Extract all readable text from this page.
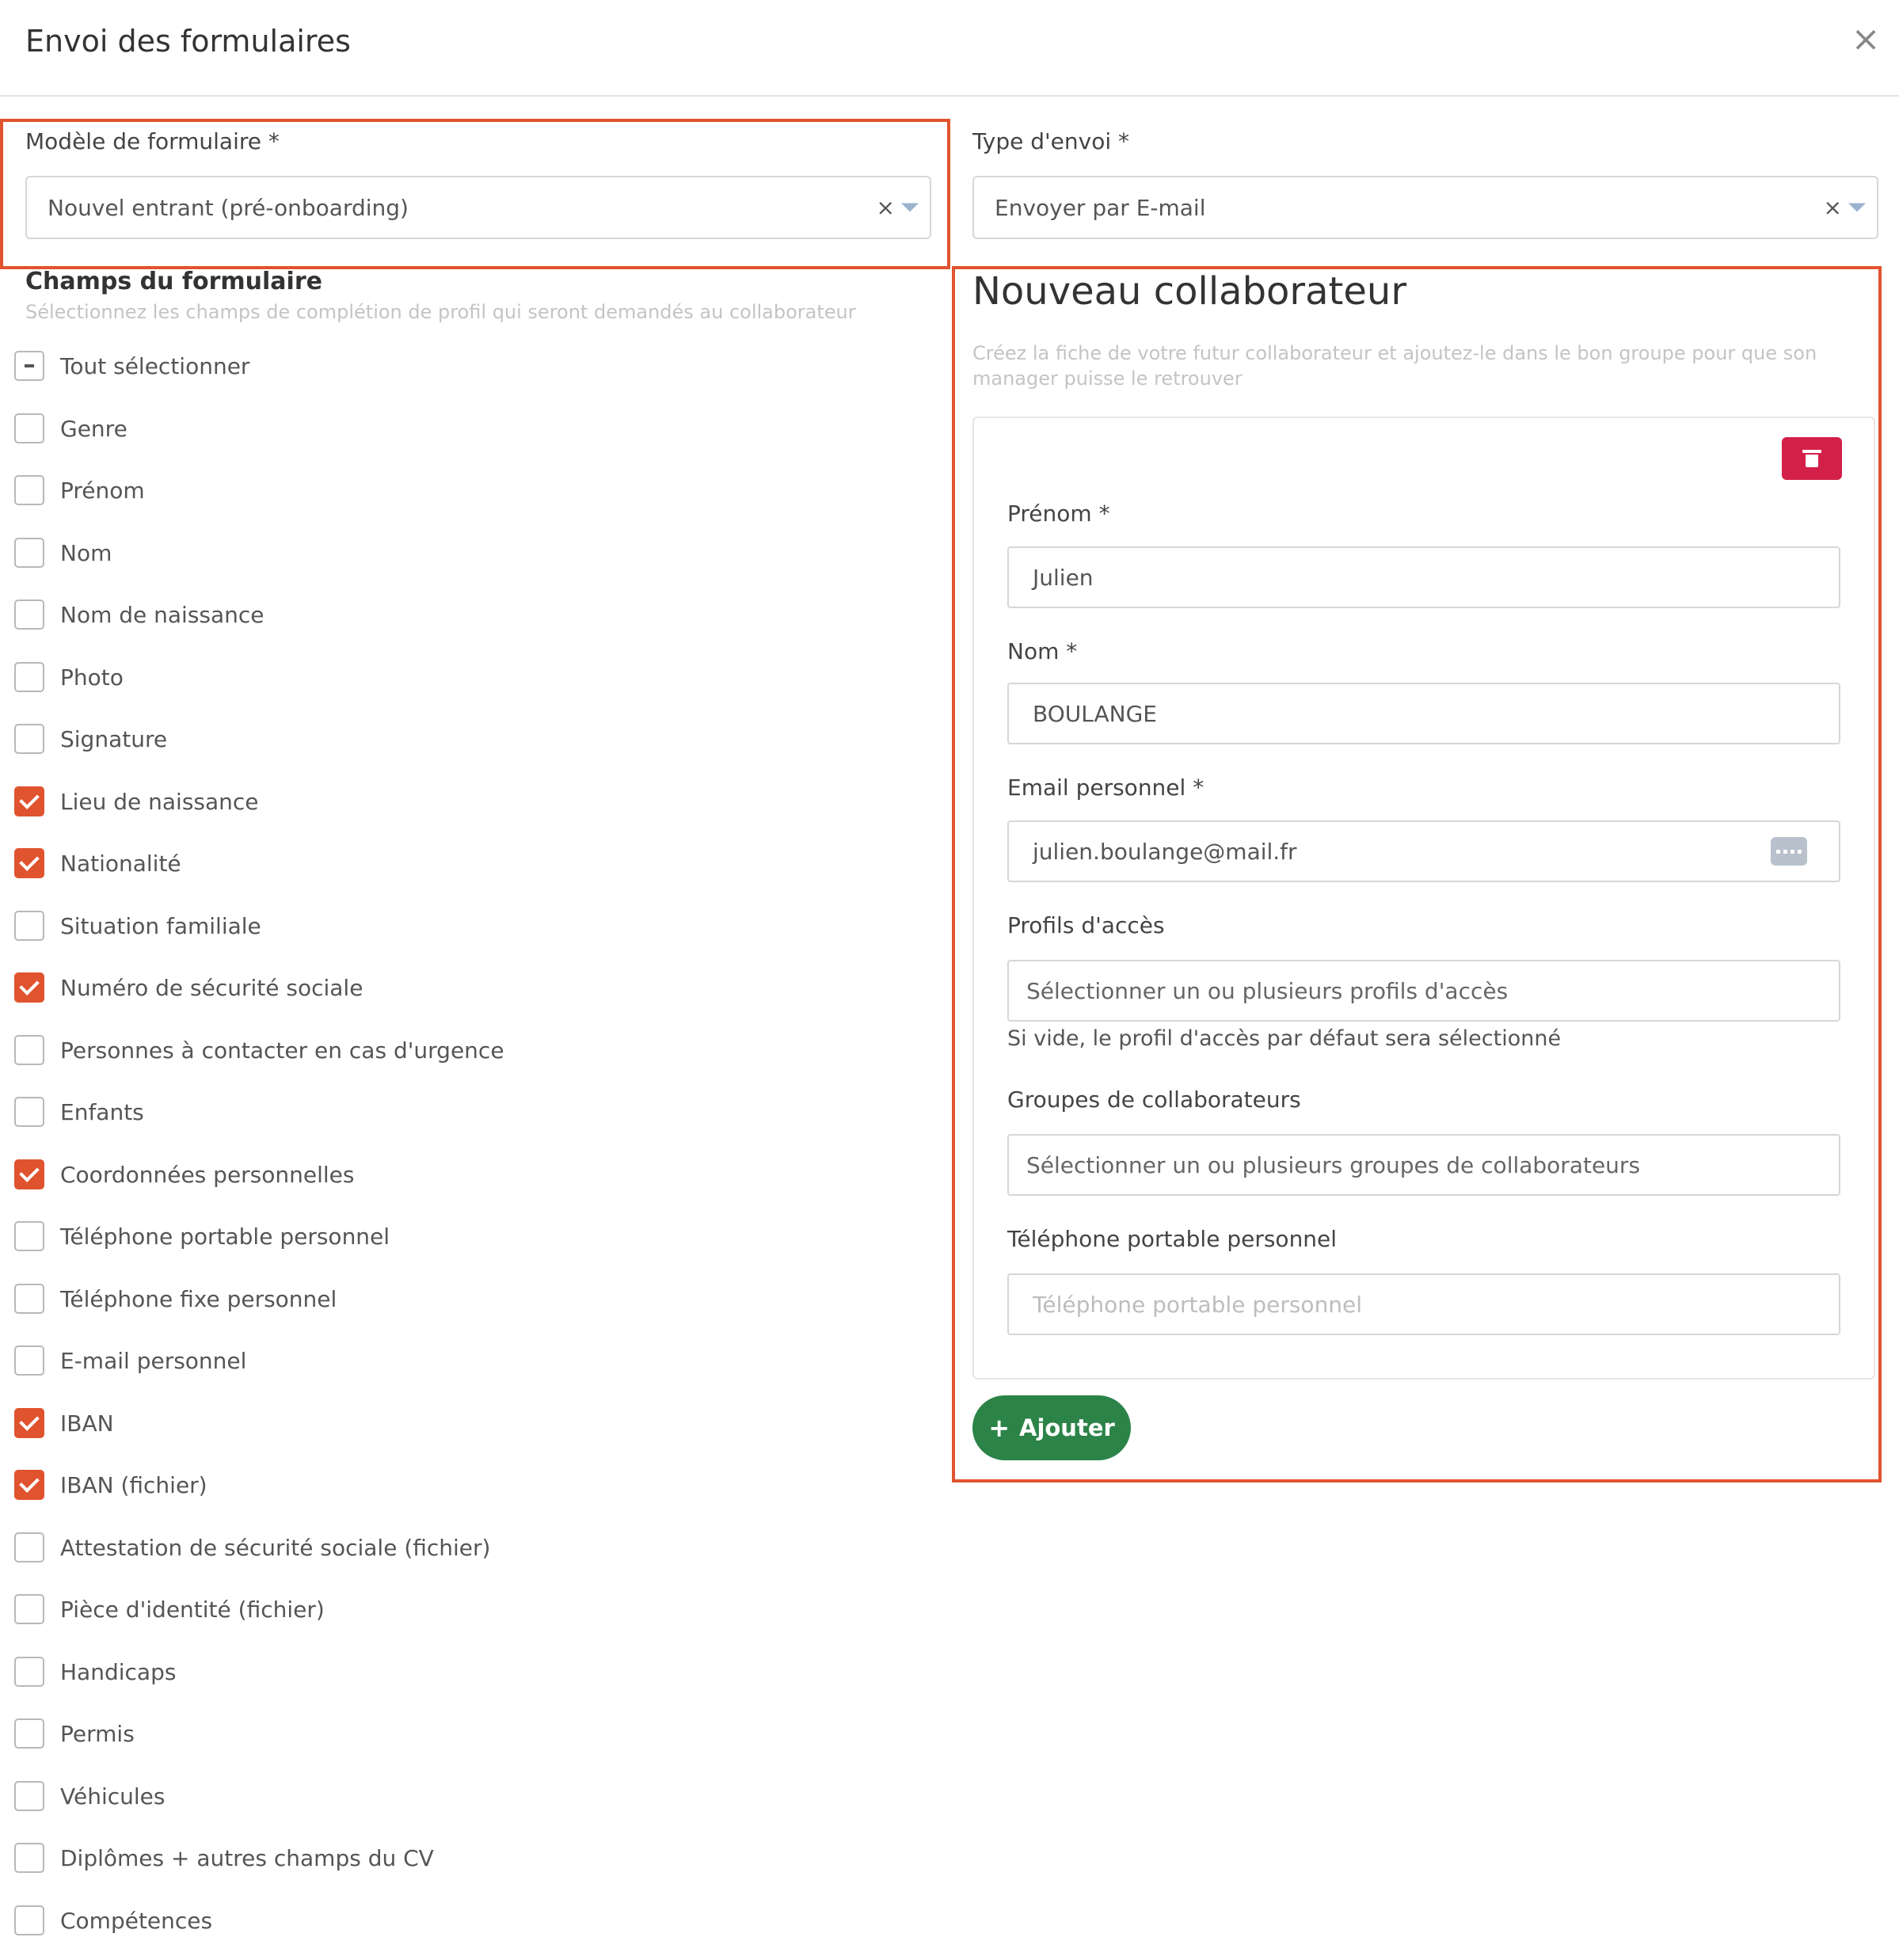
Envoi des formulaires	×
Modèle de formulaire *
Nouvel entrant (pré-onboarding)	×
Type d'envoi *
Envoyer par E-mail	×
Champs du formulaire
Sélectionnez les champs de complétion de profil qui seront demandés au collaborateur
Tout sélectionner
Genre
Prénom
Nom
Nom de naissance
Photo
Signature
Lieu de naissance
Nationalité
Situation familiale
Numéro de sécurité sociale
Personnes à contacter en cas d'urgence
Enfants
Coordonnées personnelles
Téléphone portable personnel
Téléphone fixe personnel
E-mail personnel
IBAN
IBAN (fichier)
Attestation de sécurité sociale (fichier)
Pièce d'identité (fichier)
Handicaps
Permis
Véhicules
Diplômes + autres champs du CV
Compétences
Nouveau collaborateur
Créez la fiche de votre futur collaborateur et ajoutez-le dans le bon groupe pour que son manager puisse le retrouver
Prénom *
Julien
Nom *
BOULANGE
Email personnel *
julien.boulange@mail.fr
Profils d'accès
Sélectionner un ou plusieurs profils d'accès
Si vide, le profil d'accès par défaut sera sélectionné
Groupes de collaborateurs
Sélectionner un ou plusieurs groupes de collaborateurs
Téléphone portable personnel
Téléphone portable personnel
+ Ajouter
